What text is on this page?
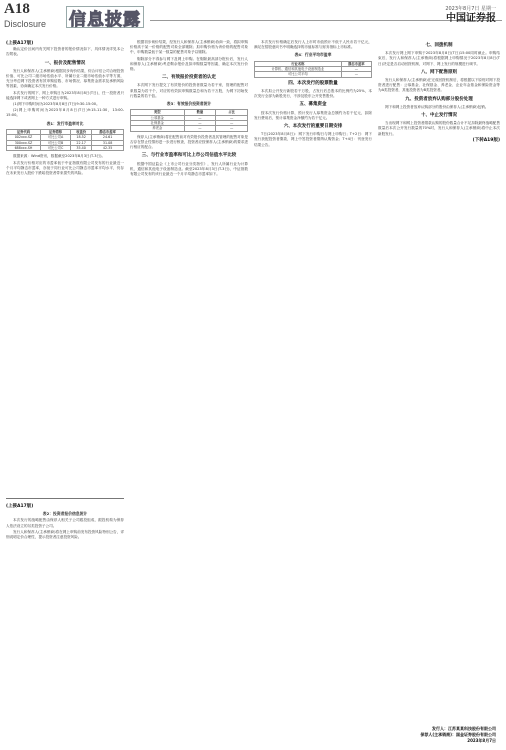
A18
Disclosure 信息披露
2023年8月7日 星期一
中国证券报
(上接A17版)

确认定价区间内有关网下投资者的报价情况如下，具体情况详见本公告附表。

一、报价及配售情况

发行人和保荐人(主承销商)根据初步询价结果，综合评估公司合理投资价值、可比公司二级市场估值水平、所属行业二级市场估值水平等方面，充分考虑网下投资者有效申购倍数、市场情况、募集资金需求及承销风险等因素，协商确定本次发行价格。

本次发行的网下、网上申购日为2023年8月8日(T日)，任一投资者只能选择网下或者网上一种方式进行申购。

(1)网下申购时间为2023年8月8日(T日)9:30-15:00。

(2)网上申购时间为2023年8月8日(T日)9:15-11:30，13:00-15:00。

表1：发行市盈率对比
证券代码	证券简称	收盘价	静态市盈率
002xxx.SZ	可比公司A	18.52	24.61
300xxx.SZ	可比公司B	22.17	31.08
688xxx.SH	可比公司C	35.40	42.35

数据来源：Wind资讯，数据截至2023年8月3日(T-3日)。

本次发行价格对应的市盈率低于中证指数有限公司发布的行业最近一个月平均静态市盈率，亦低于同行业可比公司静态市盈率平均水平，仍存在未来发行人股价下跌给投资者带来损失的风险。

(上接A17版)
表2：投资者报价信息统计

本次发行的战略配售由保荐人相关子公司跟投组成，跟投机构为保荐人依法设立的另类投资子公司。

发行人和保荐人(主承销商)将在网上申购前发布投资风险特别公告，详细说明定价合理性，提示投资者注意投资风险。

根据初步询价结果，经发行人和保荐人(主承销商)协商一致，将拟申购价格高于某一价格的配售对象全部剔除；拟申购价格为该价格的配售对象中，申购数量低于某一数量的配售对象予以剔除。

剔除部分不得参与网下及网上申购。在剔除最高部分报价后，发行人和保荐人(主承销商)考虑剩余报价及拟申购数量等因素，确定本次发行价格。

二、有效报价投资者的认定

本次网下发行提交了有效报价的投资者数量为若干家，管理的配售对象数量为若干个，对应的有效拟申购数量总和为若干万股，为网下初始发行数量的若干倍。

表3：有效报价投资者统计
类型	数量	占比
公募基金	—	—
社保基金	—	—
养老金	—	—

保荐人(主承销商)将在配售前对有效报价投资者及其管理的配售对象是否存在禁止性情形进一步进行核查，投资者应按保荐人(主承销商)的要求进行相应的配合。

三、与行业市盈率和可比上市公司估值水平比较

根据中国证监会《上市公司行业分类指引》，发行人所属行业为计算机、通信和其他电子设备制造业。截至2023年8月3日(T-3日)，中证指数有限公司发布的该行业最近一个月平均静态市盈率如下。

本次发行价格确定后发行人上市时市值预计不低于人民币若干亿元，满足在招股意向书中明确选择的市值标准与财务指标上市标准。

表4：行业平均市盈率
行业名称	静态市盈率
计算机、通信和其他电子设备制造业	—
可比公司平均	—
四、本次发行的股票数量

本次拟公开发行新股若干万股，占发行后总股本的比例约为25%，本次发行全部为新股发行，不涉及股东公开发售股份。

五、募集资金

按本次发行价格计算，预计发行人募集资金总额约为若干亿元，扣除发行费用后，预计募集资金净额约为若干亿元。

六、本次发行的重要日期安排

T日(2023年8月8日)：网下发行申购日与网上申购日；T+2日：网下发行获配投资者缴款，网上中签投资者缴纳认购资金；T+4日：刊登发行结果公告。

七、回拨机制

本次发行网上网下申购于2023年8月8日(T日)15:00同时截止。申购结束后，发行人和保荐人(主承销商)将根据网上申购情况于2023年8月8日(T日)决定是否启动回拨机制，对网下、网上发行的规模进行调节。

八、网下配售原则

发行人和保荐人(主承销商)在完成回拨机制后，将根据以下原则对网下投资者进行配售：公募基金、社保基金、养老金、企业年金基金和保险资金等为A类投资者，其他投资者为B类投资者。

九、投资者放弃认购部分股份处理

网下和网上投资者放弃认购部分的股份由保荐人(主承销商)包销。

十、中止发行情况

当出现网下和网上投资者缴款认购的股份数量合计不足扣除最终战略配售数量后本次公开发行数量的70%时，发行人和保荐人(主承销商)将中止本次新股发行。

(下转A19版)
发行人：江苏某某科技股份有限公司
保荐人(主承销商)：国金证券股份有限公司
2023年8月7日
